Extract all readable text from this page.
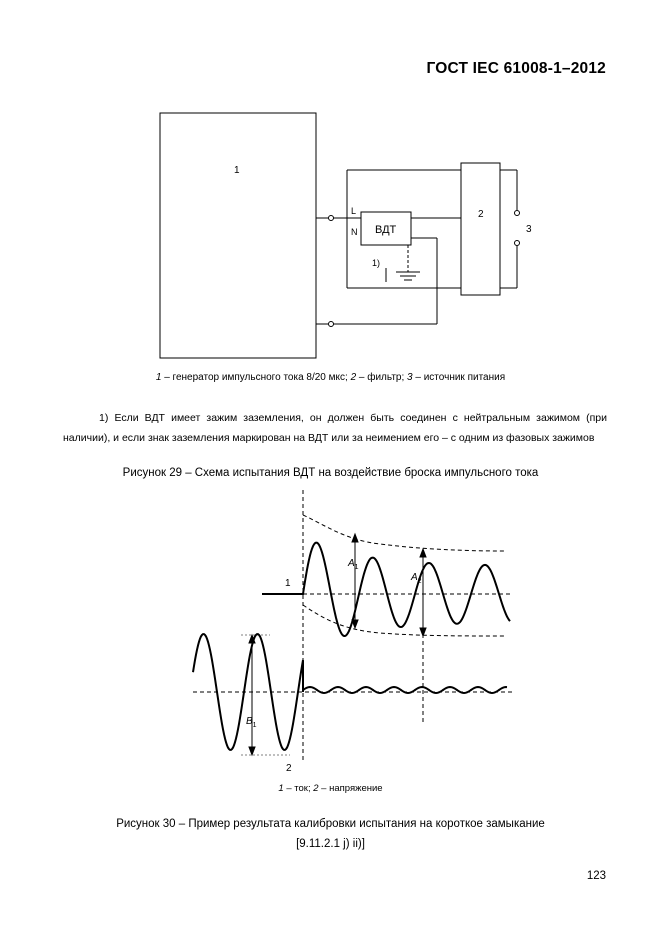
ГОСТ IEC 61008-1–2012
1
2
3
L
N ВДТ
1)
1 – генератор импульсного тока 8/20 мкс; 2 – фильтр; 3 – источник питания
1) Если ВДТ имеет зажим заземления, он должен быть соединен с нейтральным зажимом (при наличии), и если знак заземления маркирован на ВДТ или за неимением его – с одним из фазовых зажимов
Рисунок 29 – Схема испытания ВДТ на воздействие броска импульсного тока
1
2
$A_1$
$A_2$
$B_1$
1 – ток; 2 – напряжение
Рисунок 30 – Пример результата калибровки испытания на короткое замыкание
[9.11.2.1 j) ii)]
123
